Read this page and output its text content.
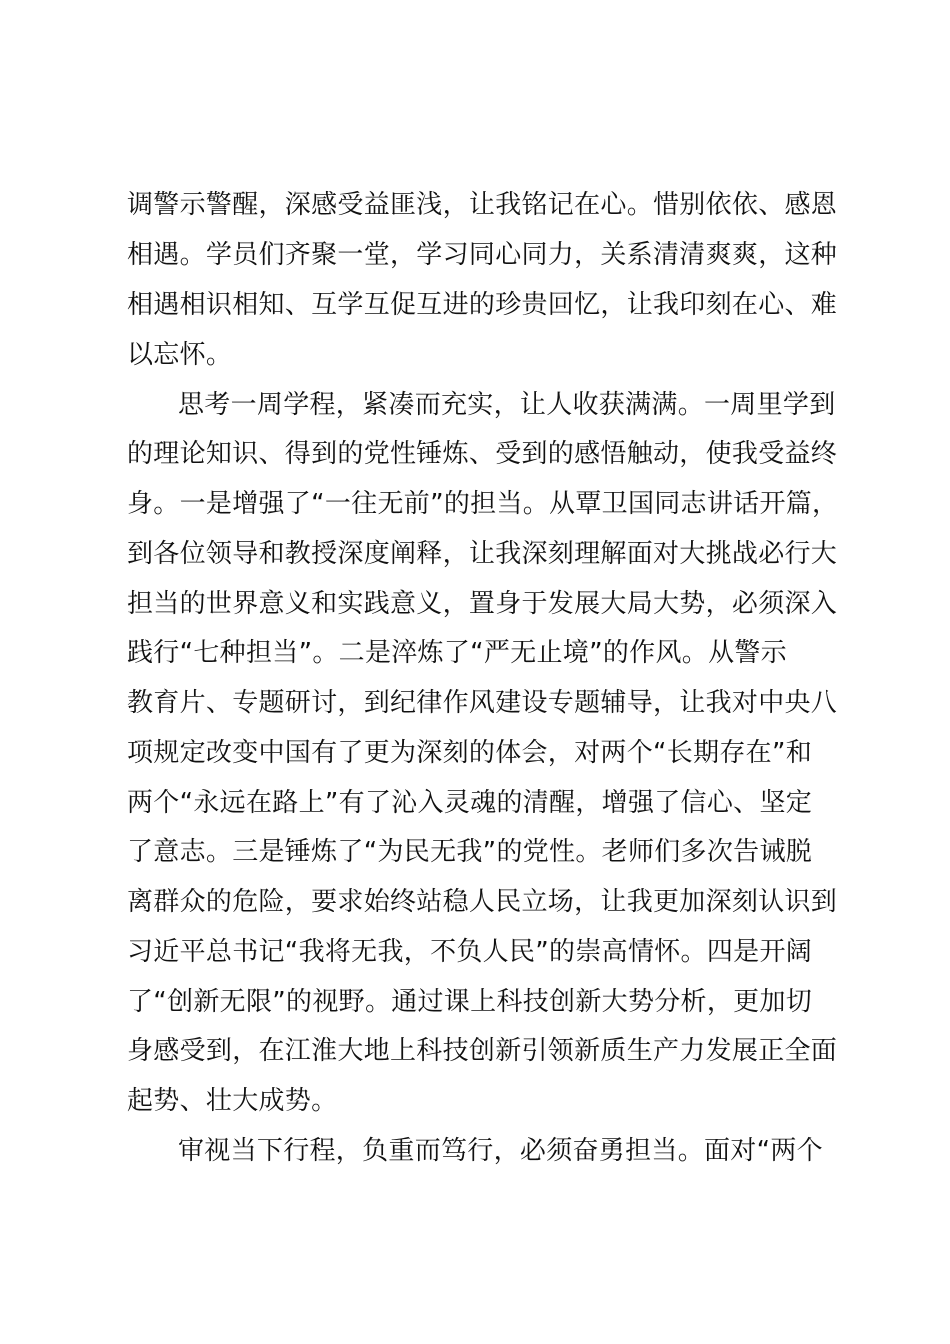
调警示警醒，深感受益匪浅，让我铭记在心。惜别依依、感恩
相遇。学员们齐聚一堂，学习同心同力，关系清清爽爽，这种
相遇相识相知、互学互促互进的珍贵回忆，让我印刻在心、难
以忘怀。
思考一周学程，紧凑而充实，让人收获满满。一周里学到
的理论知识、得到的党性锤炼、受到的感悟触动，使我受益终
身。一是增强了“一往无前”的担当。从覃卫国同志讲话开篇，
到各位领导和教授深度阐释，让我深刻理解面对大挑战必行大
担当的世界意义和实践意义，置身于发展大局大势，必须深入
践行“七种担当”。二是淬炼了“严无止境”的作风。从警示
教育片、专题研讨，到纪律作风建设专题辅导，让我对中央八
项规定改变中国有了更为深刻的体会，对两个“长期存在”和
两个“永远在路上”有了沁入灵魂的清醒，增强了信心、坚定
了意志。三是锤炼了“为民无我”的党性。老师们多次告诫脱
离群众的危险，要求始终站稳人民立场，让我更加深刻认识到
习近平总书记“我将无我，不负人民”的崇高情怀。四是开阔
了“创新无限”的视野。通过课上科技创新大势分析，更加切
身感受到，在江淮大地上科技创新引领新质生产力发展正全面
起势、壮大成势。
审视当下行程，负重而笃行，必须奋勇担当。面对“两个
